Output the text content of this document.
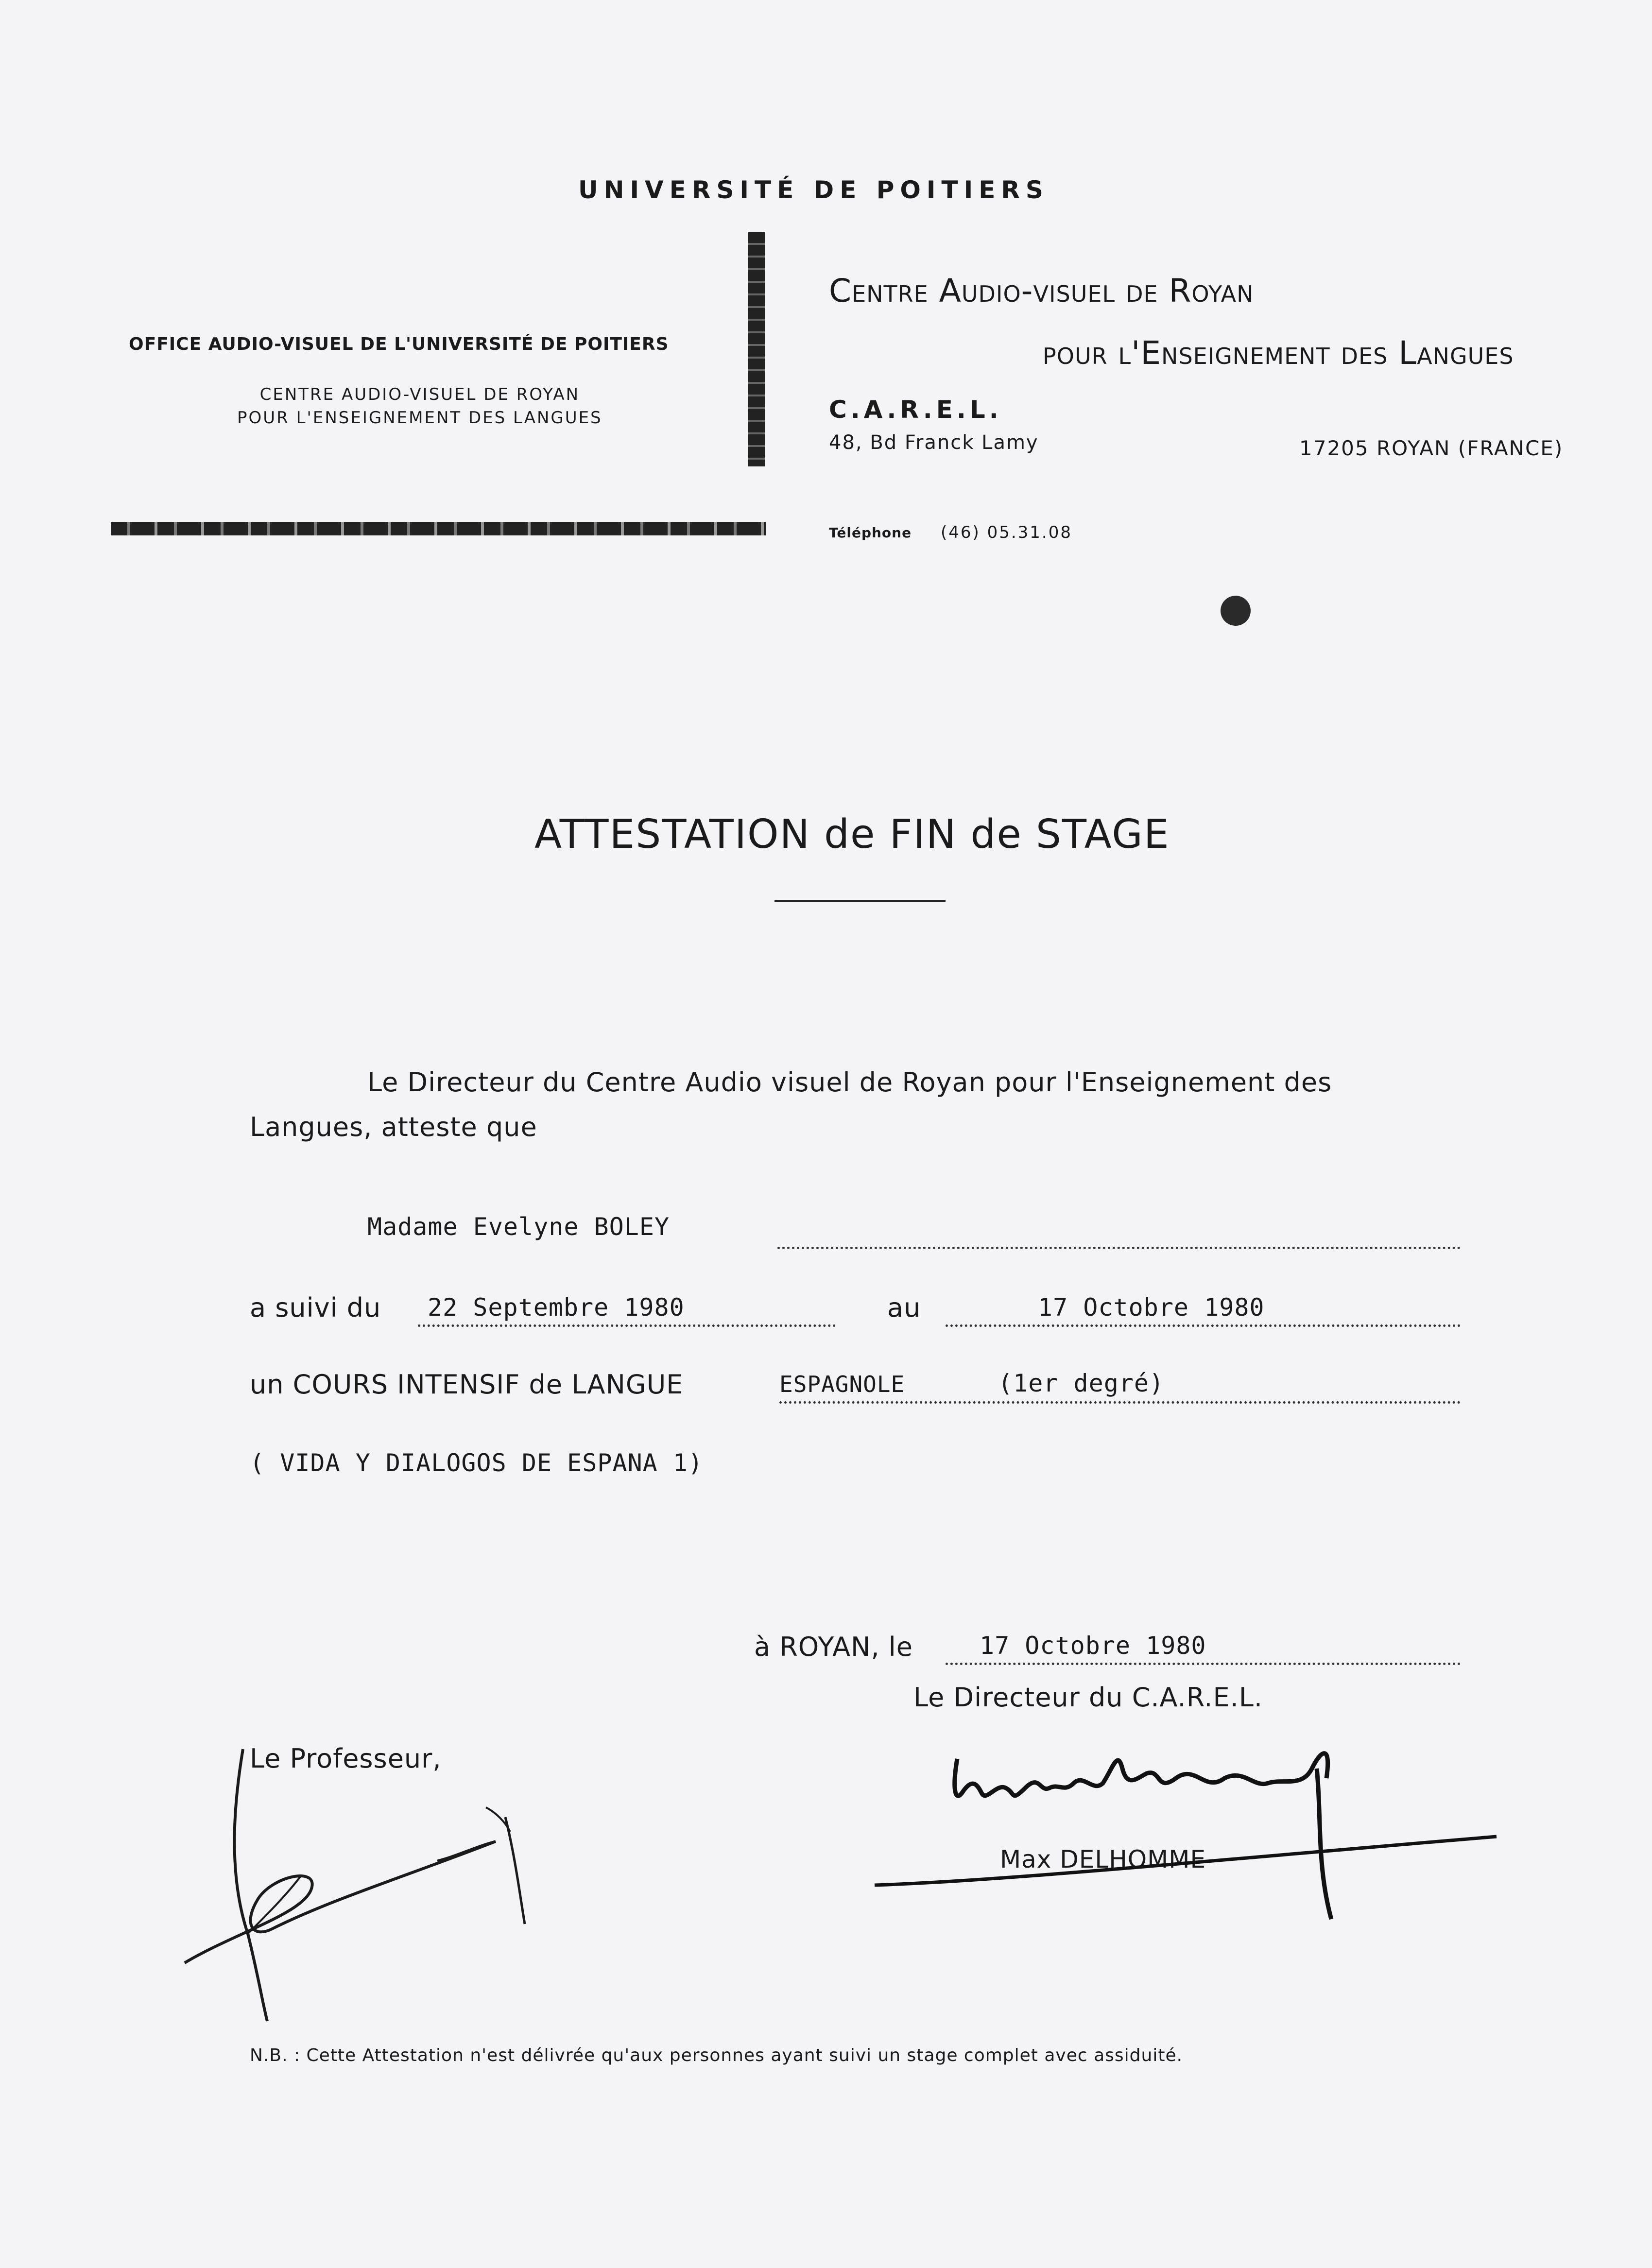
UNIVERSITÉ DE POITIERS
OFFICE AUDIO-VISUEL DE L'UNIVERSITÉ DE POITIERS
CENTRE AUDIO-VISUEL DE ROYAN
POUR L'ENSEIGNEMENT DES LANGUES
Centre Audio-visuel de Royan
pour l'Enseignement des Langues
C.A.R.E.L.
48, Bd Franck Lamy	17205 ROYAN (FRANCE)
Téléphone (46) 05.31.08
ATTESTATION de FIN de STAGE
Le Directeur du Centre Audio visuel de Royan pour l'Enseignement des
Langues, atteste que
Madame Evelyne BOLEY
a suivi du 22 Septembre 1980	au	17 Octobre 1980
un COURS INTENSIF de LANGUE	ESPAGNOLE	(1er degré)
( VIDA Y DIALOGOS DE ESPANA 1)
à ROYAN, le	17 Octobre 1980
Le Directeur du C.A.R.E.L.
Le Professeur,
Max DELHOMME
N.B. : Cette Attestation n'est délivrée qu'aux personnes ayant suivi un stage complet avec assiduité.
